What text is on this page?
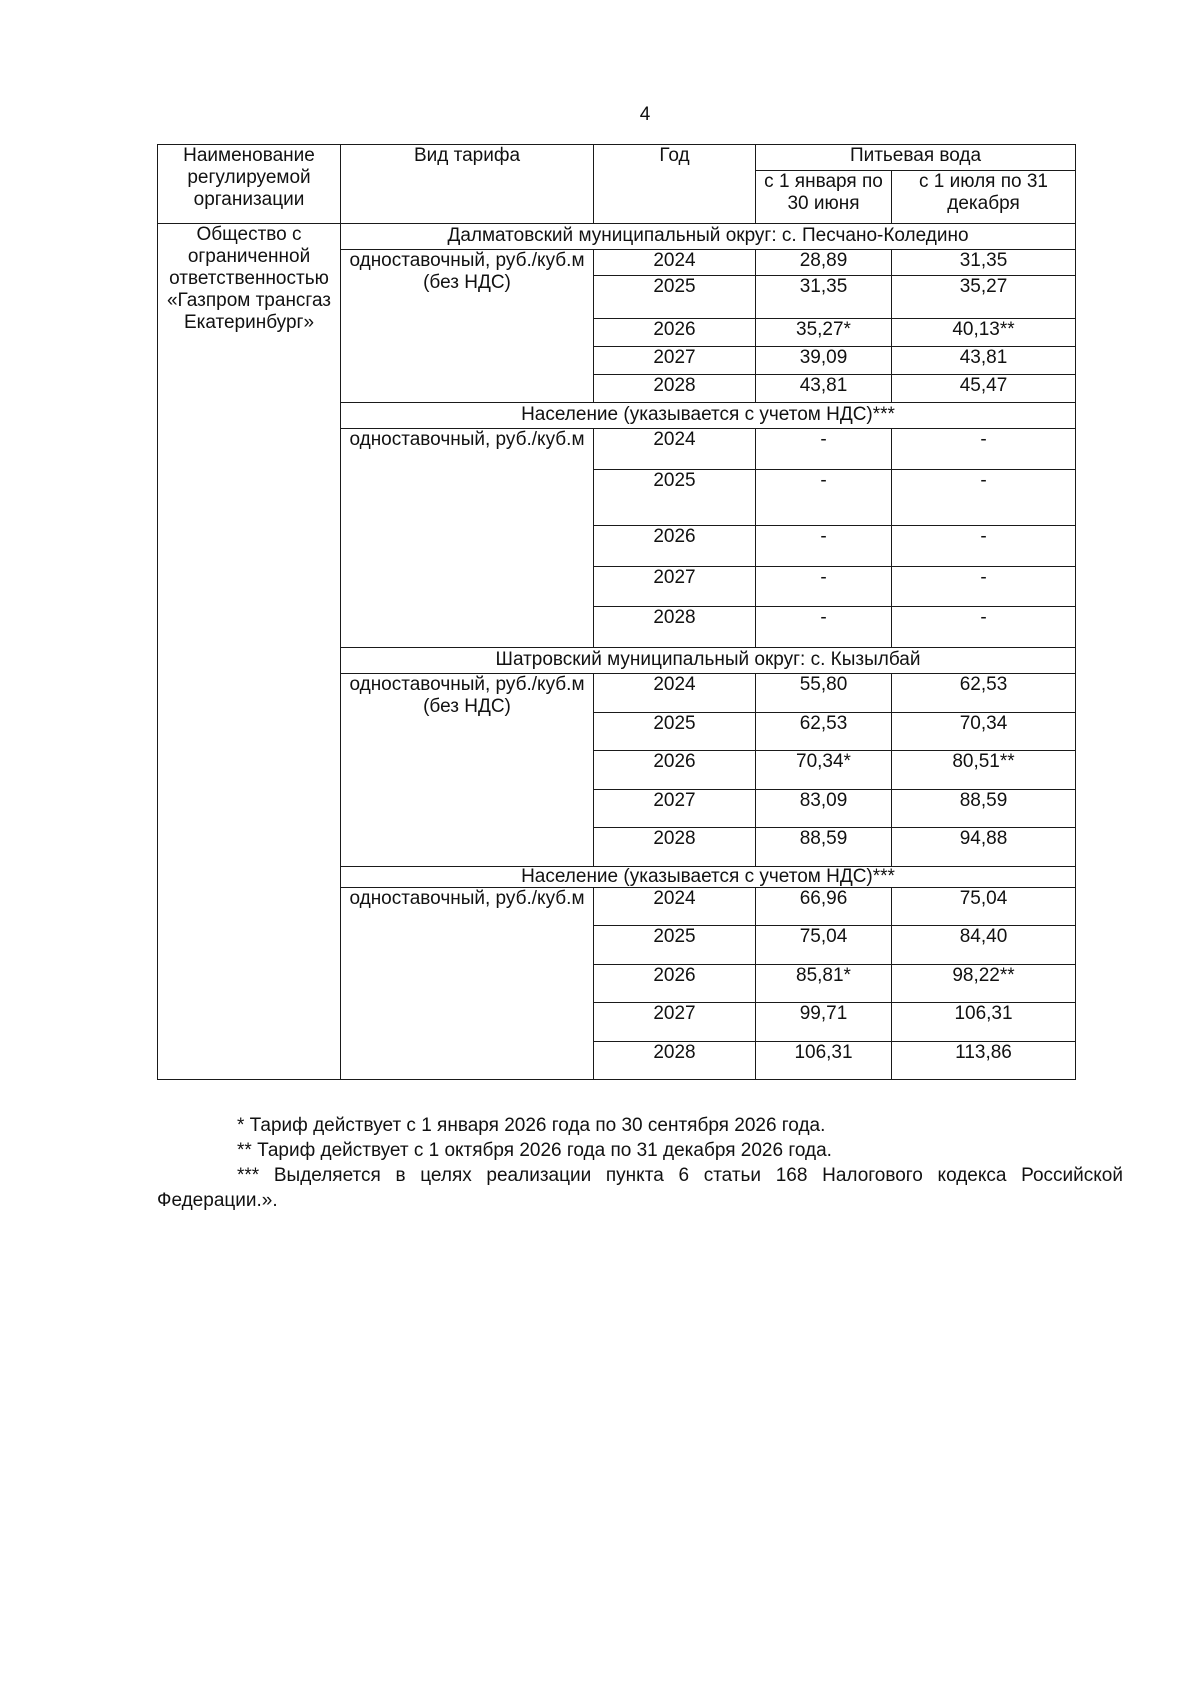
4
Наименование регулируемой организации	Вид тарифа	Год	Питьевая вода	
			с 1 января по 30 июня	с 1 июля по 31 декабря
Общество с ограниченной ответственностью «Газпром трансгаз Екатеринбург»	Далматовский муниципальный округ: с. Песчано-Коледино			
	одноставочный, руб./куб.м (без НДС)	2024	28,89	31,35
		2025	31,35	35,27
		2026	35,27*	40,13**
		2027	39,09	43,81
		2028	43,81	45,47
	Население (указывается с учетом НДС)***			
	одноставочный, руб./куб.м	2024	-	-
		2025	-	-
		2026	-	-
		2027	-	-
		2028	-	-
	Шатровский муниципальный округ: с. Кызылбай			
	одноставочный, руб./куб.м (без НДС)	2024	55,80	62,53
		2025	62,53	70,34
		2026	70,34*	80,51**
		2027	83,09	88,59
		2028	88,59	94,88
	Население (указывается с учетом НДС)***			
	одноставочный, руб./куб.м	2024	66,96	75,04
		2025	75,04	84,40
		2026	85,81*	98,22**
		2027	99,71	106,31
		2028	106,31	113,86

* Тариф действует с 1 января 2026 года по 30 сентября 2026 года.

** Тариф действует с 1 октября 2026 года по 31 декабря 2026 года.

*** Выделяется в целях реализации пункта 6 статьи 168 Налогового кодекса Российской

Федерации.».
